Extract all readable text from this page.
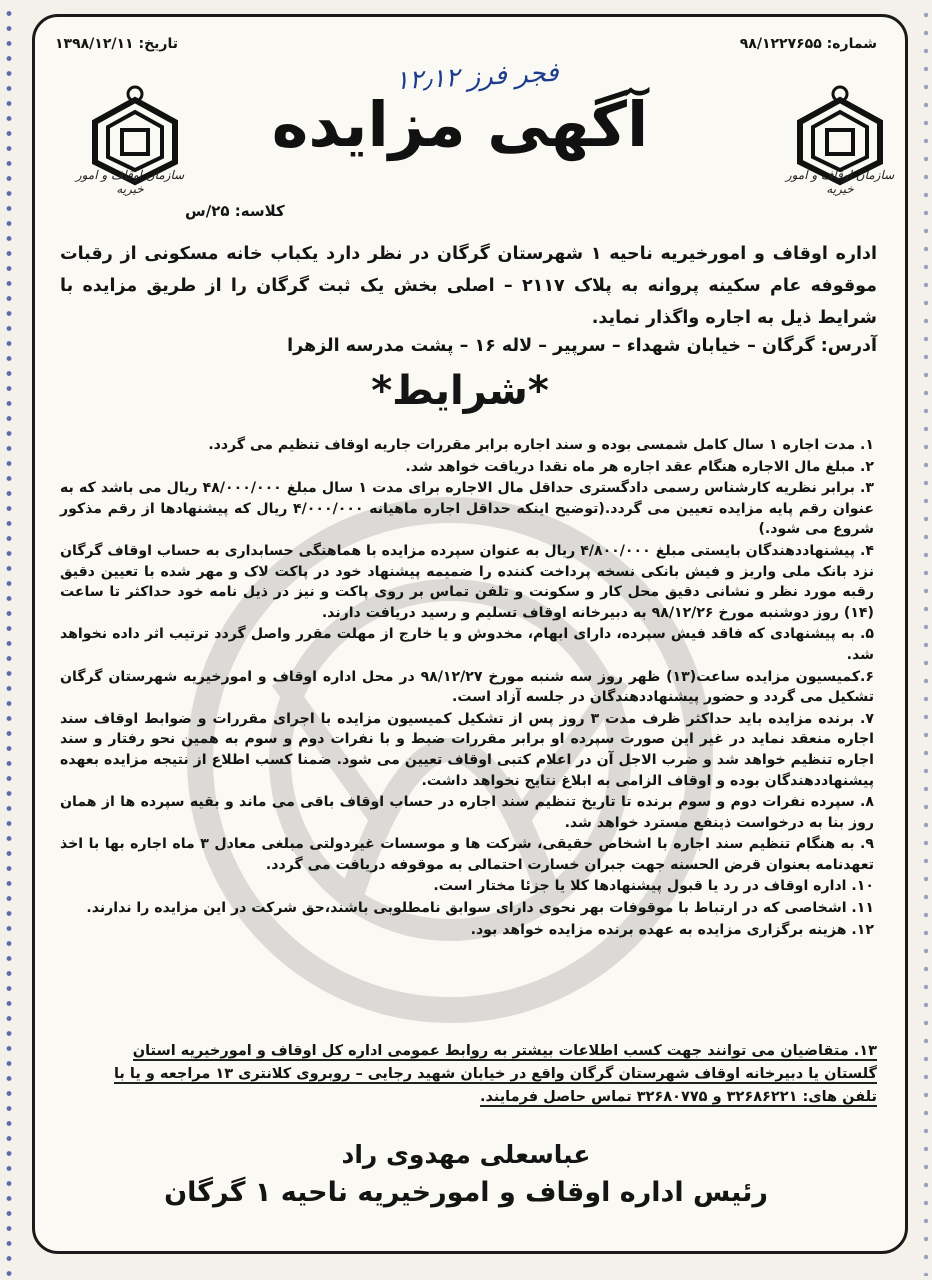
شماره: ۹۸/۱۲۲۷۶۵۵
تاریخ: ۱۳۹۸/۱۲/۱۱
فجر فرز ۱۲٫۱۲
سازمان اوقاف و امور خیریه
سازمان اوقاف و امور خیریه
آگهی مزایده
کلاسه: ۲۵/س
اداره اوقاف و امورخیریه ناحیه ۱ شهرستان گرگان در نظر دارد یکباب خانه مسکونی از رقبات موقوفه عام سکینه پروانه به پلاک ۲۱۱۷ – اصلی بخش یک ثبت گرگان را از طریق مزایده با شرایط ذیل به اجاره واگذار نماید.
آدرس: گرگان – خیابان شهداء – سرپیر – لاله ۱۶ – پشت مدرسه الزهرا
*شرایط*

۱. مدت اجاره ۱ سال کامل شمسی بوده و سند اجاره برابر مقررات جاریه اوقاف تنظیم می گردد.

۲. مبلغ مال الاجاره هنگام عقد اجاره هر ماه نقدا دریافت خواهد شد.

۳. برابر نظریه کارشناس رسمی دادگستری حداقل مال الاجاره برای مدت ۱ سال مبلغ ۴۸/۰۰۰/۰۰۰ ریال می باشد که به عنوان رقم پایه مزایده تعیین می گردد.(توضیح اینکه حداقل اجاره ماهیانه ۴/۰۰۰/۰۰۰ ریال که پیشنهادها از رقم مذکور شروع می شود.)

۴. پیشنهاددهندگان بایستی مبلغ ۴/۸۰۰/۰۰۰ ریال به عنوان سپرده مزایده با هماهنگی حسابداری به حساب اوقاف گرگان نزد بانک ملی واریز و فیش بانکی نسخه پرداخت کننده را ضمیمه پیشنهاد خود در پاکت لاک و مهر شده با تعیین دقیق رقبه مورد نظر و نشانی دقیق محل کار و سکونت و تلفن تماس بر روی پاکت و نیز در ذیل نامه خود حداکثر تا ساعت (۱۴) روز دوشنبه مورخ ۹۸/۱۲/۲۶ به دبیرخانه اوقاف تسلیم و رسید دریافت دارند.

۵. به پیشنهادی که فاقد فیش سپرده، دارای ابهام، مخدوش و یا خارج از مهلت مقرر واصل گردد ترتیب اثر داده نخواهد شد.

۶.کمیسیون مزایده ساعت(۱۳) ظهر روز سه شنبه مورخ ۹۸/۱۲/۲۷ در محل اداره اوقاف و امورخیریه شهرستان گرگان تشکیل می گردد و حضور پیشنهاددهندگان در جلسه آزاد است.

۷. برنده مزایده باید حداکثر ظرف مدت ۳ روز پس از تشکیل کمیسیون مزایده با اجرای مقررات و ضوابط اوقاف سند اجاره منعقد نماید در غیر این صورت سپرده او برابر مقررات ضبط و با نفرات دوم و سوم به همین نحو رفتار و سند اجاره تنظیم خواهد شد و ضرب الاجل آن در اعلام کتبی اوقاف تعیین می شود. ضمنا کسب اطلاع از نتیجه مزایده بعهده پیشنهاددهندگان بوده و اوقاف الزامی به ابلاغ نتایج نخواهد داشت.

۸. سپرده نفرات دوم و سوم برنده تا تاریخ تنظیم سند اجاره در حساب اوقاف باقی می ماند و بقیه سپرده ها از همان روز بنا به درخواست ذینفع مسترد خواهد شد.

۹. به هنگام تنظیم سند اجاره با اشخاص حقیقی، شرکت ها و موسسات غیردولتی مبلغی معادل ۳ ماه اجاره بها با اخذ تعهدنامه بعنوان قرض الحسنه جهت جبران خسارت احتمالی به موقوفه دریافت می گردد.

۱۰. اداره اوقاف در رد یا قبول پیشنهادها کلا یا جزئا مختار است.

۱۱. اشخاصی که در ارتباط با موقوفات بهر نحوی دارای سوابق نامطلوبی باشند،حق شرکت در این مزایده را ندارند.

۱۲. هزینه برگزاری مزایده به عهده برنده مزایده خواهد بود.

۱۳. متقاضیان می توانند جهت کسب اطلاعات بیشتر به روابط عمومی اداره کل اوقاف و امورخیریه استان
گلستان یا دبیرخانه اوقاف شهرستان گرگان واقع در خیابان شهید رجایی – روبروی کلانتری ۱۳ مراجعه و یا با
تلفن های: ۳۲۶۸۶۲۲۱ و ۳۲۶۸۰۷۷۵ تماس حاصل فرمایند.
عباسعلی مهدوی راد
رئیس اداره اوقاف و امورخیریه ناحیه ۱ گرگان
